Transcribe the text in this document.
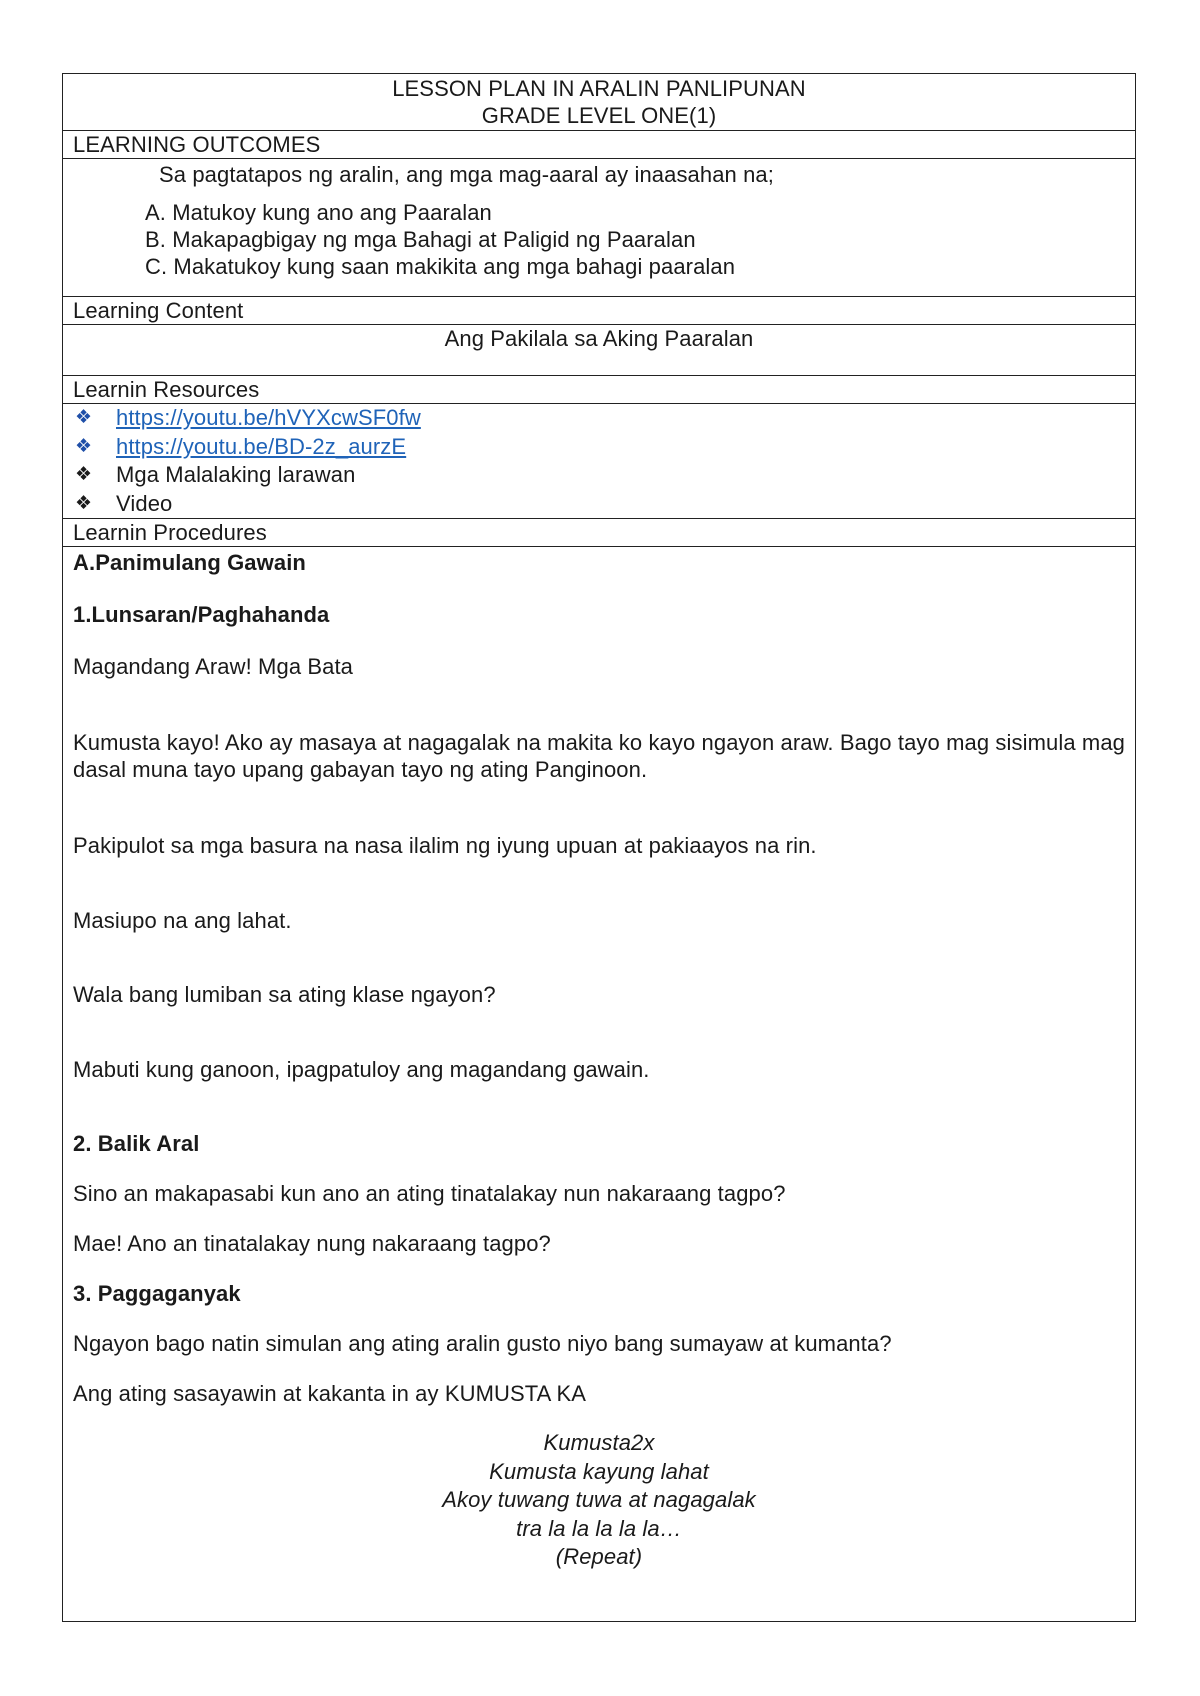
LESSON PLAN IN ARALIN PANLIPUNAN
GRADE LEVEL ONE(1)

LEARNING OUTCOMES

Sa pagtatapos ng aralin, ang mga mag-aaral ay inaasahan na;

A. Matukoy kung ano ang Paaralan
B. Makapagbigay ng mga Bahagi at Paligid ng Paaralan
C. Makatukoy kung saan makikita ang mga bahagi paaralan

Learning Content
Ang Pakilala sa Aking Paaralan
Learnin Resources

❖ https://youtu.be/hVYXcwSF0fw
❖ https://youtu.be/BD-2z_aurzE
❖ Mga Malalaking larawan
❖ Video

Learnin Procedures

A.Panimulang Gawain

1.Lunsaran/Paghahanda

Magandang Araw! Mga Bata

Kumusta kayo! Ako ay masaya at nagagalak na makita ko kayo ngayon araw. Bago tayo mag sisimula mag dasal muna tayo upang gabayan tayo ng ating Panginoon.

Pakipulot sa mga basura na nasa ilalim ng iyung upuan at pakiaayos na rin.

Masiupo na ang lahat.

Wala bang lumiban sa ating klase ngayon?

Mabuti kung ganoon, ipagpatuloy ang magandang gawain.

2. Balik Aral

Sino an makapasabi kun ano an ating tinatalakay nun nakaraang tagpo?

Mae! Ano an tinatalakay nung nakaraang tagpo?

3. Paggaganyak

Ngayon bago natin simulan ang ating aralin gusto niyo bang sumayaw at kumanta?

Ang ating sasayawin at kakanta in ay KUMUSTA KA

Kumusta2x
Kumusta kayung lahat
Akoy tuwang tuwa at nagagalak
tra la la la la la…
(Repeat)
